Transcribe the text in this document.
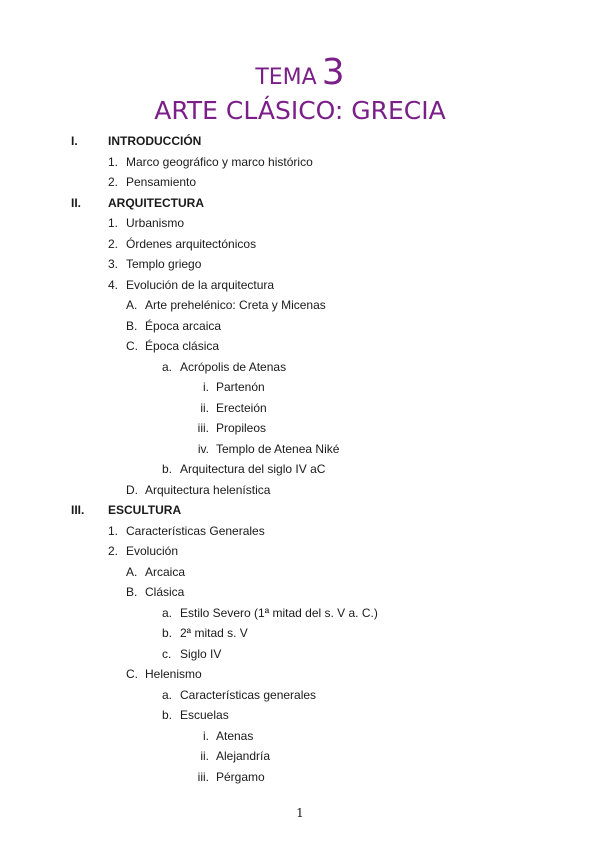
TEMA 3
ARTE CLÁSICO: GRECIA
I.	INTRODUCCIÓN
1. Marco geográfico y marco histórico
2. Pensamiento
II. ARQUITECTURA
1. Urbanismo
2. Órdenes arquitectónicos
3. Templo griego
4. Evolución de la arquitectura
A. Arte prehelénico: Creta y Micenas
B. Época arcaica
C. Época clásica
a. Acrópolis de Atenas
i. Partenón
ii. Erecteión
iii. Propileos
iv. Templo de Atenea Niké
b. Arquitectura del siglo IV aC
D. Arquitectura helenística
III. ESCULTURA
1. Características Generales
2. Evolución
A. Arcaica
B. Clásica
a. Estilo Severo (1ª mitad del s. V a. C.)
b. 2ª mitad s. V
c. Siglo IV
C. Helenismo
a. Características generales
b. Escuelas
i. Atenas
ii. Alejandría
iii. Pérgamo
1
